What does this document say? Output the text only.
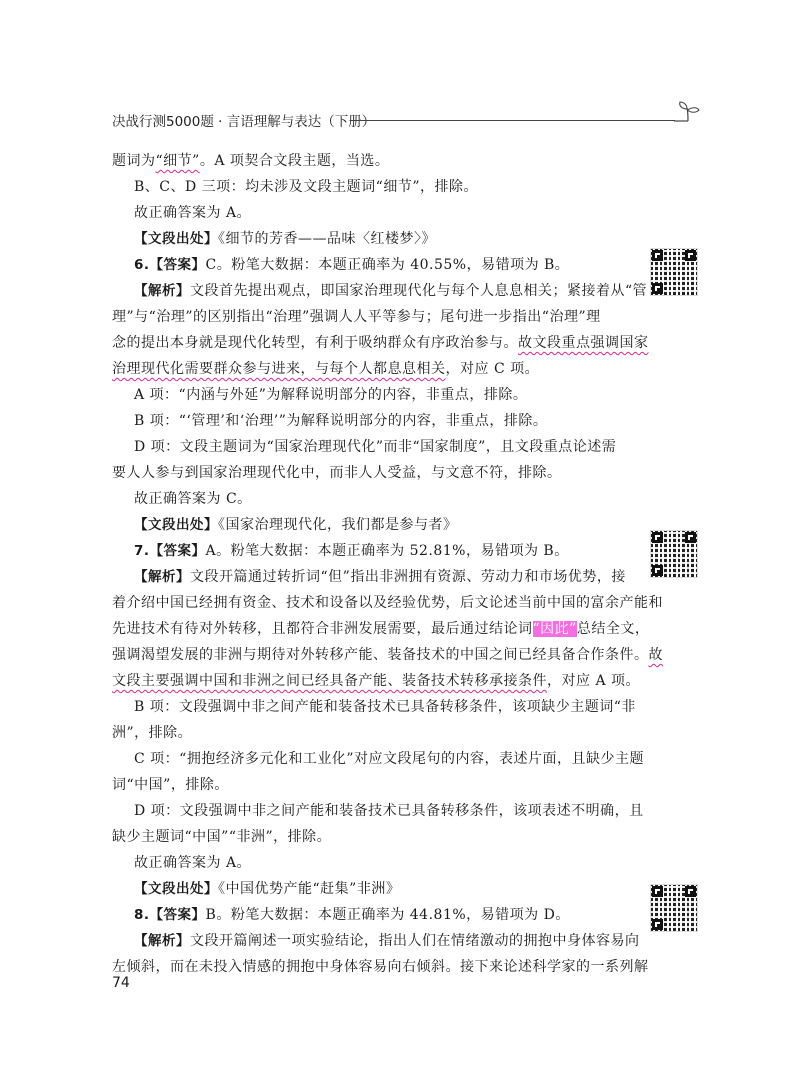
决战行测5000题 · 言语理解与表达（下册）
题词为“细节”。A 项契合文段主题，当选。
B、C、D 三项：均未涉及文段主题词“细节”，排除。
故正确答案为 A。
【文段出处】《细节的芳香——品味〈红楼梦〉》
6.【答案】C。粉笔大数据：本题正确率为 40.55%，易错项为 B。
【解析】文段首先提出观点，即国家治理现代化与每个人息息相关；紧接着从“管
理”与“治理”的区别指出“治理”强调人人平等参与；尾句进一步指出“治理”理
念的提出本身就是现代化转型，有利于吸纳群众有序政治参与。故文段重点强调国家
治理现代化需要群众参与进来，与每个人都息息相关，对应 C 项。
A 项：“内涵与外延”为解释说明部分的内容，非重点，排除。
B 项：“‘管理’和‘治理’”为解释说明部分的内容，非重点，排除。
D 项：文段主题词为“国家治理现代化”而非“国家制度”，且文段重点论述需
要人人参与到国家治理现代化中，而非人人受益，与文意不符，排除。
故正确答案为 C。
【文段出处】《国家治理现代化，我们都是参与者》
7.【答案】A。粉笔大数据：本题正确率为 52.81%，易错项为 B。
【解析】文段开篇通过转折词“但”指出非洲拥有资源、劳动力和市场优势，接
着介绍中国已经拥有资金、技术和设备以及经验优势，后文论述当前中国的富余产能和
先进技术有待对外转移，且都符合非洲发展需要，最后通过结论词“因此”总结全文，
强调渴望发展的非洲与期待对外转移产能、装备技术的中国之间已经具备合作条件。故
文段主要强调中国和非洲之间已经具备产能、装备技术转移承接条件，对应 A 项。
B 项：文段强调中非之间产能和装备技术已具备转移条件，该项缺少主题词“非
洲”，排除。
C 项：“拥抱经济多元化和工业化”对应文段尾句的内容，表述片面，且缺少主题
词“中国”，排除。
D 项：文段强调中非之间产能和装备技术已具备转移条件，该项表述不明确，且
缺少主题词“中国”“非洲”，排除。
故正确答案为 A。
【文段出处】《中国优势产能“赶集”非洲》
8.【答案】B。粉笔大数据：本题正确率为 44.81%，易错项为 D。
【解析】文段开篇阐述一项实验结论，指出人们在情绪激动的拥抱中身体容易向
左倾斜，而在未投入情感的拥抱中身体容易向右倾斜。接下来论述科学家的一系列解
74
